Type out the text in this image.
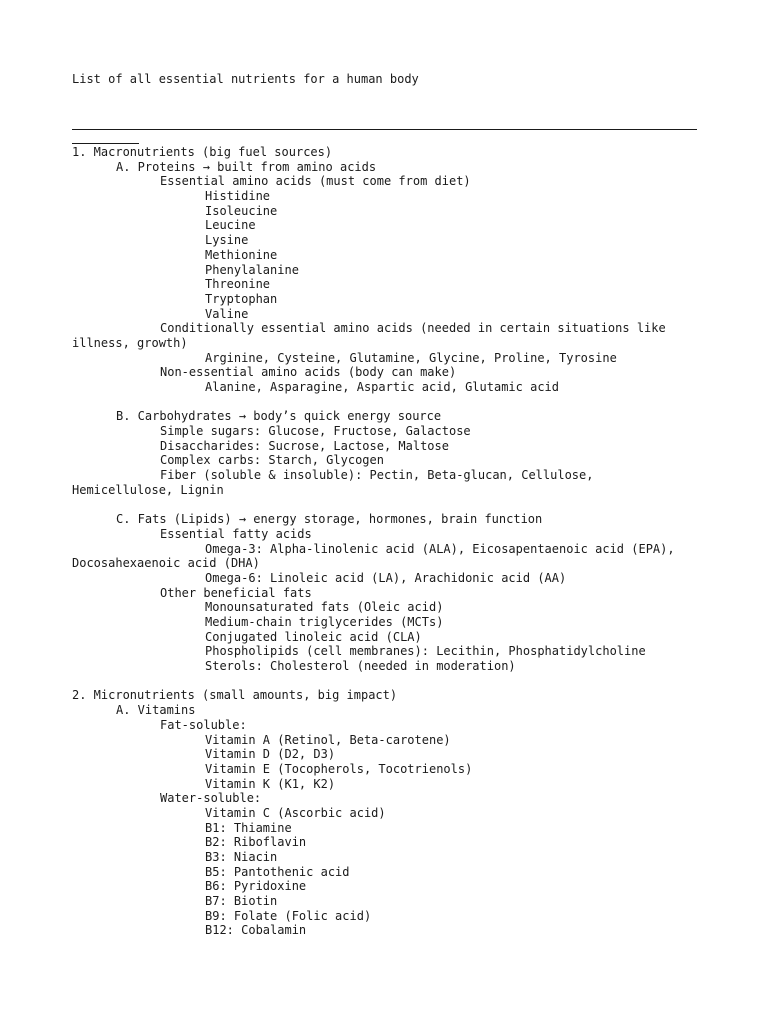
List of all essential nutrients for a human body
1. Macronutrients (big fuel sources)
A. Proteins → built from amino acids
Essential amino acids (must come from diet)
Histidine
Isoleucine
Leucine
Lysine
Methionine
Phenylalanine
Threonine
Tryptophan
Valine
Conditionally essential amino acids (needed in certain situations like
illness, growth)
Arginine, Cysteine, Glutamine, Glycine, Proline, Tyrosine
Non-essential amino acids (body can make)
Alanine, Asparagine, Aspartic acid, Glutamic acid
B. Carbohydrates → body’s quick energy source
Simple sugars: Glucose, Fructose, Galactose
Disaccharides: Sucrose, Lactose, Maltose
Complex carbs: Starch, Glycogen
Fiber (soluble & insoluble): Pectin, Beta-glucan, Cellulose,
Hemicellulose, Lignin
C. Fats (Lipids) → energy storage, hormones, brain function
Essential fatty acids
Omega-3: Alpha-linolenic acid (ALA), Eicosapentaenoic acid (EPA),
Docosahexaenoic acid (DHA)
Omega-6: Linoleic acid (LA), Arachidonic acid (AA)
Other beneficial fats
Monounsaturated fats (Oleic acid)
Medium-chain triglycerides (MCTs)
Conjugated linoleic acid (CLA)
Phospholipids (cell membranes): Lecithin, Phosphatidylcholine
Sterols: Cholesterol (needed in moderation)
2. Micronutrients (small amounts, big impact)
A. Vitamins
Fat-soluble:
Vitamin A (Retinol, Beta-carotene)
Vitamin D (D2, D3)
Vitamin E (Tocopherols, Tocotrienols)
Vitamin K (K1, K2)
Water-soluble:
Vitamin C (Ascorbic acid)
B1: Thiamine
B2: Riboflavin
B3: Niacin
B5: Pantothenic acid
B6: Pyridoxine
B7: Biotin
B9: Folate (Folic acid)
B12: Cobalamin
